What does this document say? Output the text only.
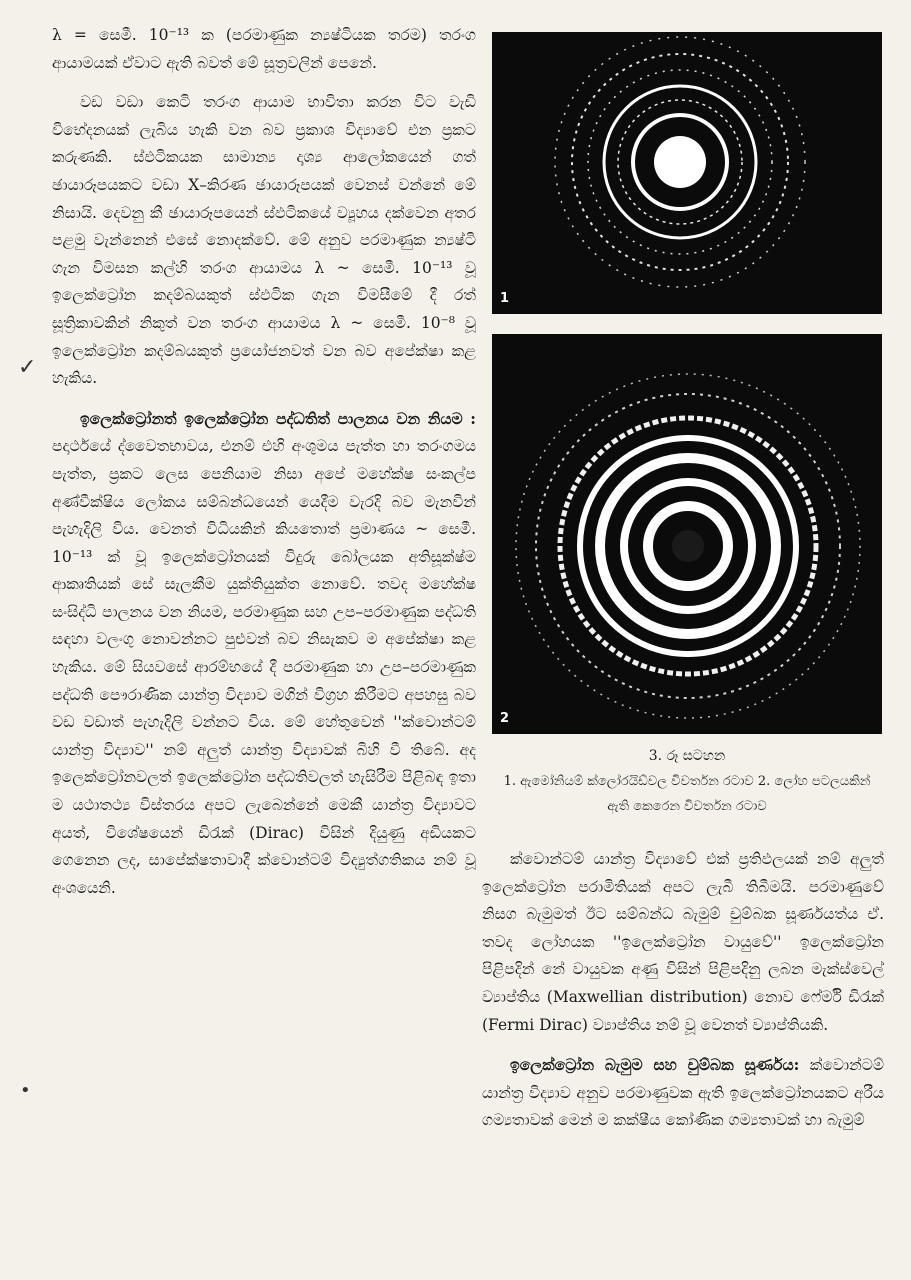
✓
•

λ = සෙමී. 10⁻¹³ ක (පරමාණුක න්‍යෂ්ටියක තරම) තරංග ආයාමයක් ඒවාට ඇති බවත් මේ සූත්‍රවලින් පෙනේ.

වඩ වඩා කෙටි තරංග ආයාම භාවිතා කරන විට වැඩි විභේදනයක් ලැබිය හැකි වන බව ප්‍රකාශ විද්‍යාවේ එන ප්‍රකට කරුණකි. ස්ඵටිකයක සාමාන්‍ය දෘශ්‍ය ආලෝකයෙන් ගත් ඡායාරූපයකට වඩා X–කිරණ ඡායාරූපයක් වෙනස් වන්නේ මේ නිසායි. දෙවනු කී ඡායාරූපයෙන් ස්ඵටිකයේ ව්‍යූහය දක්වෙන අතර පළමු වැන්නෙන් එසේ නොදක්වේ. මේ අනුව පරමාණුක න්‍යෂ්ටි ගැන විමසන කල්හි තරංග ආයාමය λ ~ සෙමී. 10⁻¹³ වූ ඉලෙක්ට්‍රෝන කදම්බයකුත් ස්ඵටික ගැන විමසීමේ දී රත් සූත්‍රිකාවකින් නිකුත් වන තරංග ආයාමය λ ~ සෙමී. 10⁻⁸ වූ ඉලෙක්ට්‍රෝන කදම්බයකුත් ප්‍රයෝජනවත් වන බව අපේක්ෂා කළ හැකිය.

ඉලෙක්ට්‍රෝනත් ඉලෙක්ට්‍රෝන පද්ධතිත් පාලනය වන නියම : පදාර්ථයේ ද්වෛතභාවය, එනම් එහි අංශුමය පැත්ත හා තරංගමය පැත්ත, ප්‍රකට ලෙස පෙනියාම නිසා අපේ මහේක්ෂ සංකල්ප අණ්වීක්ෂිය ලෝකය සම්බන්ධයෙන් යෙදීම වැරදි බව මැනවින් පැහැදිලි විය. වෙනත් විධියකින් කියතොත් ප්‍රමාණය ~ සෙමී. 10⁻¹³ ක් වූ ඉලෙක්ට්‍රෝනයක් විදුරු බෝලයක අතිසූක්ෂ්ම ආකෘතියක් සේ සැලකීම යුක්තියුක්ත නොවේ. තවද මහේක්ෂ සංසිද්ධි පාලනය වන නියම, පරමාණුක සහ උප–පරමාණුක පද්ධති සඳහා වලංගු නොවන්නට පුළුවන් බව නිසැකව ම අපේක්ෂා කළ හැකිය. මේ සියවසේ ආරම්භයේ දී පරමාණුක හා උප–පරමාණුක පද්ධති පෞරාණික යාන්ත්‍ර විද්‍යාව මගින් විග්‍රහ කිරීමට අපහසු බව වඩ වඩාත් පැහැදිලි වන්නට විය. මේ හේතුවෙන් ''ක්වොන්ටම් යාන්ත්‍ර විද්‍යාව'' නම් අලුත් යාන්ත්‍ර විද්‍යාවක් බිහි වී තිබේ. අද ඉලෙක්ට්‍රෝනවලත් ඉලෙක්ට්‍රෝන පද්ධතිවලත් හැසිරීම පිළිබඳ ඉතා ම යථාතථ්‍ය විස්තරය අපට ලැබෙන්නේ මෙකී යාන්ත්‍ර විද්‍යාවට අයත්, විශේෂයෙන් ඩිරැක් (Dirac) විසින් දියුණු අඩියකට ගෙනෙන ලද, සාපේක්ෂතාවාදී ක්වොන්ටම් විද්‍යුත්ගතිකය නම් වූ අංශයෙනි.

1
2
3. රූ සටහන
1. ඇමෝනියම් ක්ලෝරයිඩ්වල විවර්තන රටාව 2. ලෝහ පටලයකින් ඇති කෙරෙන විවර්තන රටාව

ක්වොන්ටම් යාන්ත්‍ර විද්‍යාවේ එක් ප්‍රතිඵලයක් නම් අලුත් ඉලෙක්ට්‍රෝන පරාමිතියක් අපට ලැබී තිබීමයි. පරමාණුවේ නිසග බැමුමත් ඊට සම්බන්ධ බැමුම් චුම්බක සූර්ණයත්ය ඒ. තවද ලෝහයක ''ඉලෙක්ට්‍රෝන වායුවේ'' ඉලෙක්ට්‍රෝන පිළිපදින් නේ වායුවක අණු විසින් පිළිපදිනු ලබන මැක්ස්වෙල් ව්‍යාප්තිය (Maxwellian distribution) නොව ෆේර්මි ඩිරැක් (Fermi Dirac) ව්‍යාප්තිය නම් වූ වෙනත් ව්‍යාප්තියකි.

ඉලෙක්ට්‍රෝන බැමුම සහ චුම්බක සූර්ණය: ක්වොන්ටම් යාන්ත්‍ර විද්‍යාව අනුව පරමාණුවක ඇති ඉලෙක්ට්‍රෝනයකට අරීය ගම්‍යතාවක් මෙන් ම කක්ෂීය කෝණික ගම්‍යතාවක් හා බැමුම්
